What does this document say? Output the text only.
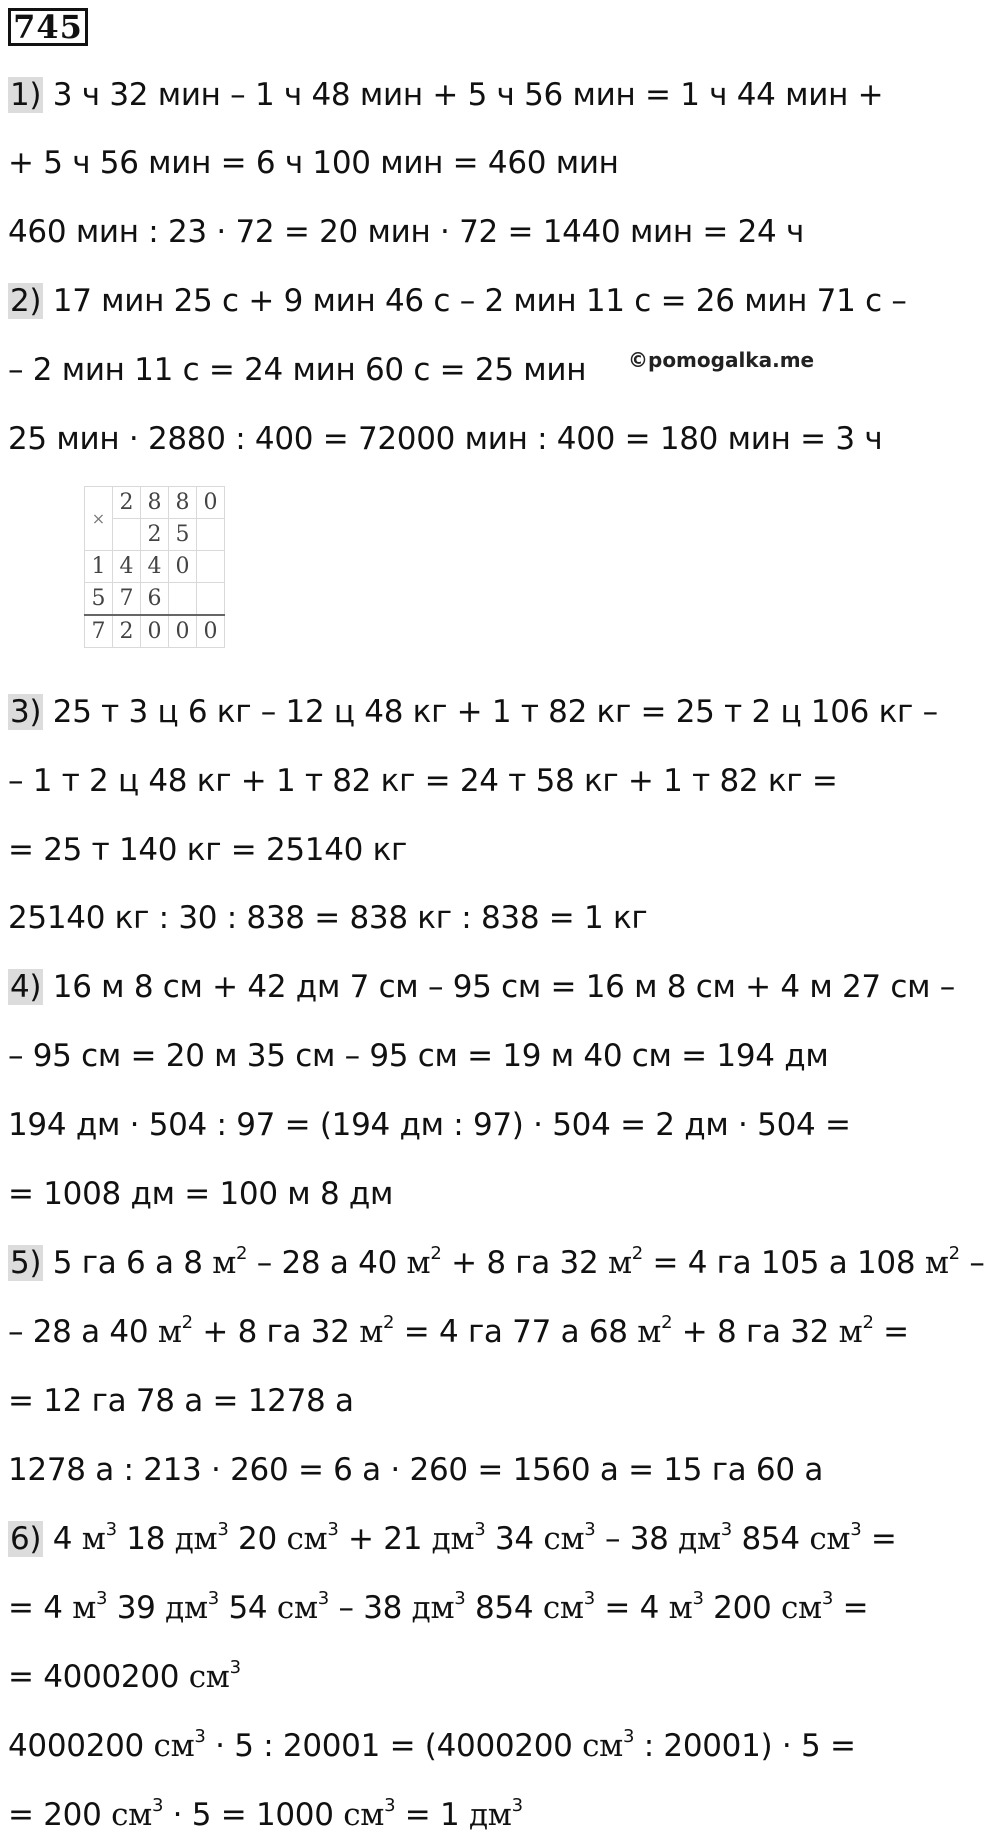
745
1) 3 ч 32 мин – 1 ч 48 мин + 5 ч 56 мин = 1 ч 44 мин +
+ 5 ч 56 мин = 6 ч 100 мин = 460 мин
460 мин : 23 · 72 = 20 мин · 72 = 1440 мин = 24 ч
2) 17 мин 25 с + 9 мин 46 с – 2 мин 11 с = 26 мин 71 с –
– 2 мин 11 с = 24 мин 60 с = 25 мин
25 мин · 2880 : 400 = 72000 мин : 400 = 180 мин = 3 ч
3) 25 т 3 ц 6 кг – 12 ц 48 кг + 1 т 82 кг = 25 т 2 ц 106 кг –
– 1 т 2 ц 48 кг + 1 т 82 кг = 24 т 58 кг + 1 т 82 кг =
= 25 т 140 кг = 25140 кг
25140 кг : 30 : 838 = 838 кг : 838 = 1 кг
4) 16 м 8 см + 42 дм 7 см – 95 см = 16 м 8 см + 4 м 27 см –
– 95 см = 20 м 35 см – 95 см = 19 м 40 см = 194 дм
194 дм · 504 : 97 = (194 дм : 97) · 504 = 2 дм · 504 =
= 1008 дм = 100 м 8 дм
5) 5 га 6 а 8 $м^2 - 28$ а 40 $м^2 + 8$ га 32 $м^2 = 4$ га 105 а 108 $м^2$ –
– 28 а 40 $м^2 + 8$ га 32 $м^2 = 4$ га 77 а 68 $м^2 + 8$ га 32 $м^2$ =
= 12 га 78 а = 1278 а
1278 а : 213 · 260 = 6 а · 260 = 1560 а = 15 га 60 а
6) 4 $м^3$ 18 $дм^3$ 20 $см^3 + 21$ $дм^3$ 34 $см^3 - 38$ $дм^3$ 854 $см^3$ =
= 4 $м^3$ 39 $дм^3$ 54 $см^3 - 38$ $дм^3$ 854 $см^3 = 4$ $м^3$ 200 $см^3$ =
= 4000200 $см^3$
4000200 $см^3 \cdot 5$ : 20001 = (4000200 $см^3$ : 20001) · 5 =
= 200 $см^3 \cdot 5 = 1000$ $см^3 = 1$ $дм^3$
©pomogalka.me
×	2	8	8	0
		2	5	
1	4	4	0	
5	7	6		
7	2	0	0	0
